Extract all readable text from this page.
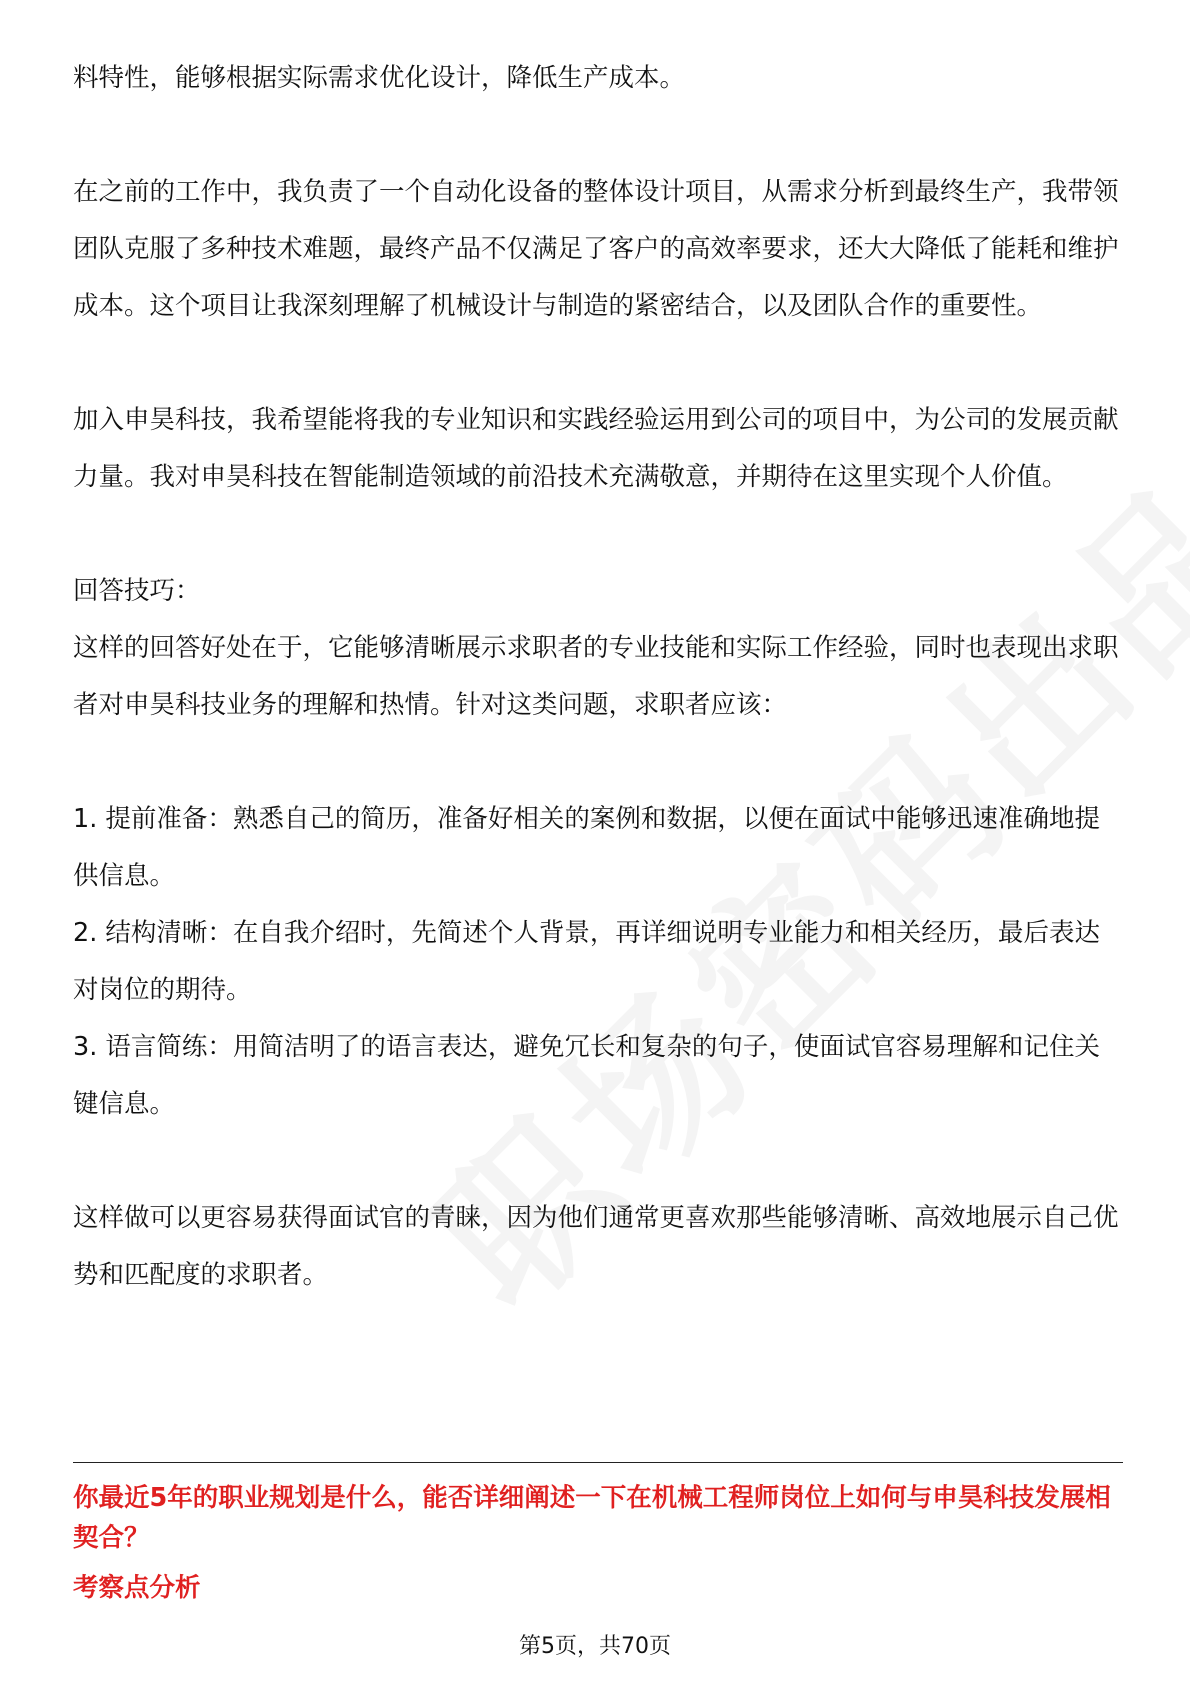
料特性，能够根据实际需求优化设计，降低生产成本。

在之前的工作中，我负责了一个自动化设备的整体设计项目，从需求分析到最终生产，我带领团队克服了多种技术难题，最终产品不仅满足了客户的高效率要求，还大大降低了能耗和维护成本。这个项目让我深刻理解了机械设计与制造的紧密结合，以及团队合作的重要性。

加入申昊科技，我希望能将我的专业知识和实践经验运用到公司的项目中，为公司的发展贡献力量。我对申昊科技在智能制造领域的前沿技术充满敬意，并期待在这里实现个人价值。

回答技巧：

这样的回答好处在于，它能够清晰展示求职者的专业技能和实际工作经验，同时也表现出求职者对申昊科技业务的理解和热情。针对这类问题，求职者应该：

1. 提前准备：熟悉自己的简历，准备好相关的案例和数据，以便在面试中能够迅速准确地提供信息。

2. 结构清晰：在自我介绍时，先简述个人背景，再详细说明专业能力和相关经历，最后表达对岗位的期待。

3. 语言简练：用简洁明了的语言表达，避免冗长和复杂的句子，使面试官容易理解和记住关键信息。

这样做可以更容易获得面试官的青睐，因为他们通常更喜欢那些能够清晰、高效地展示自己优势和匹配度的求职者。

你最近5年的职业规划是什么，能否详细阐述一下在机械工程师岗位上如何与申昊科技发展相契合？

考察点分析

第5页，共70页
